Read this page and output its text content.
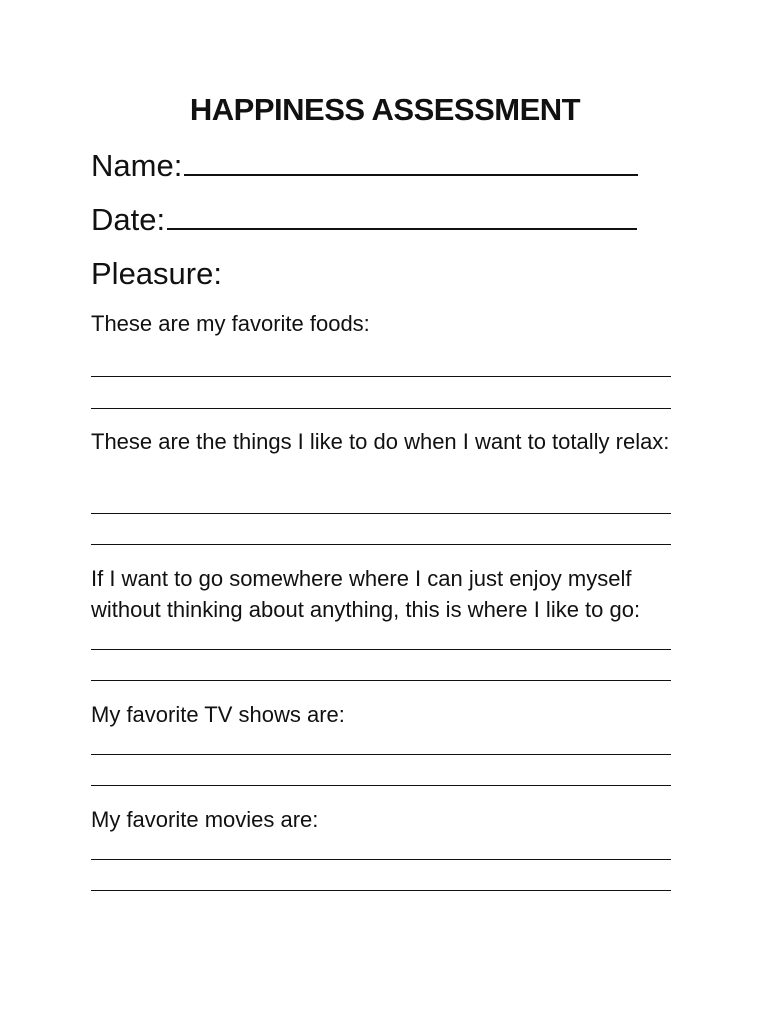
HAPPINESS ASSESSMENT
Name:
Date:
Pleasure:
These are my favorite foods:
These are the things I like to do when I want to totally relax:
If I want to go somewhere where I can just enjoy myself without thinking about anything, this is where I like to go:
My favorite TV shows are:
My favorite movies are:
